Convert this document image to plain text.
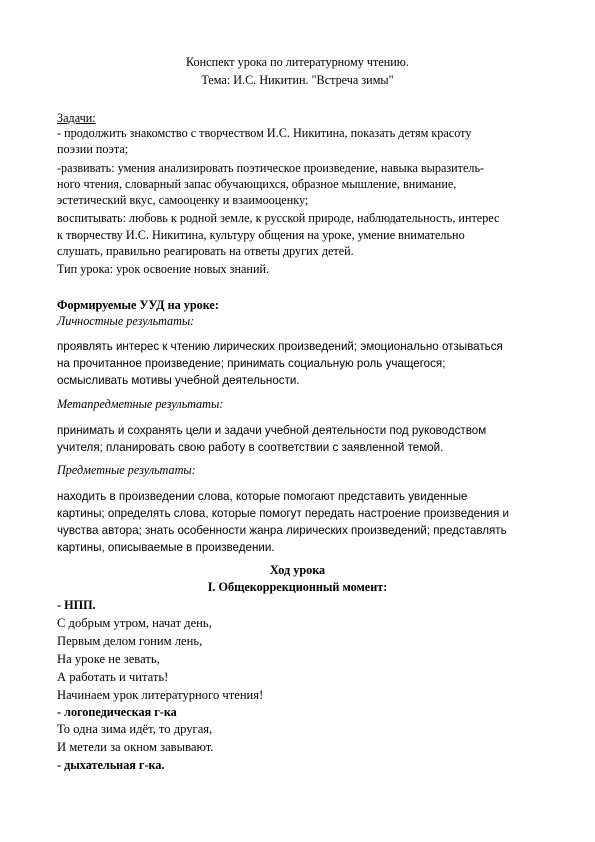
Конспект урока по литературному чтению.
Тема: И.С. Никитин. "Встреча зимы"
Задачи:
- продолжить знакомство с творчеством И.С. Никитина, показать детям красоту
поэзии поэта;
-развивать: умения анализировать поэтическое произведение, навыка выразитель-
ного чтения, словарный запас обучающихся, образное мышление, внимание,
эстетический вкус, самооценку и взаимооценку;
воспитывать: любовь к родной земле, к русской природе, наблюдательность, интерес
к творчеству И.С. Никитина, культуру общения на уроке, умение внимательно
слушать, правильно реагировать на ответы других детей.
Тип урока: урок освоение новых знаний.
Формируемые УУД на уроке:
Личностные результаты:
проявлять интерес к чтению лирических произведений; эмоционально отзываться
на прочитанное произведение; принимать социальную роль учащегося;
осмысливать мотивы учебной деятельности.
Метапредметные результаты:
принимать и сохранять цели и задачи учебной деятельности под руководством
учителя; планировать свою работу в соответствии с заявленной темой.
Предметные результаты:
находить в произведении слова, которые помогают представить увиденные
картины; определять слова, которые помогут передать настроение произведения и
чувства автора; знать особенности жанра лирических произведений; представлять
картины, описываемые в произведении.
Ход урока
I. Общекоррекционный момент:
- НПП.
С добрым утром, начат день,
Первым делом гоним лень,
На уроке не зевать,
А работать и читать!
Начинаем урок литературного чтения!
- логопедическая г-ка
То одна зима идёт, то другая,
И метели за окном завывают.
- дыхательная г-ка.
